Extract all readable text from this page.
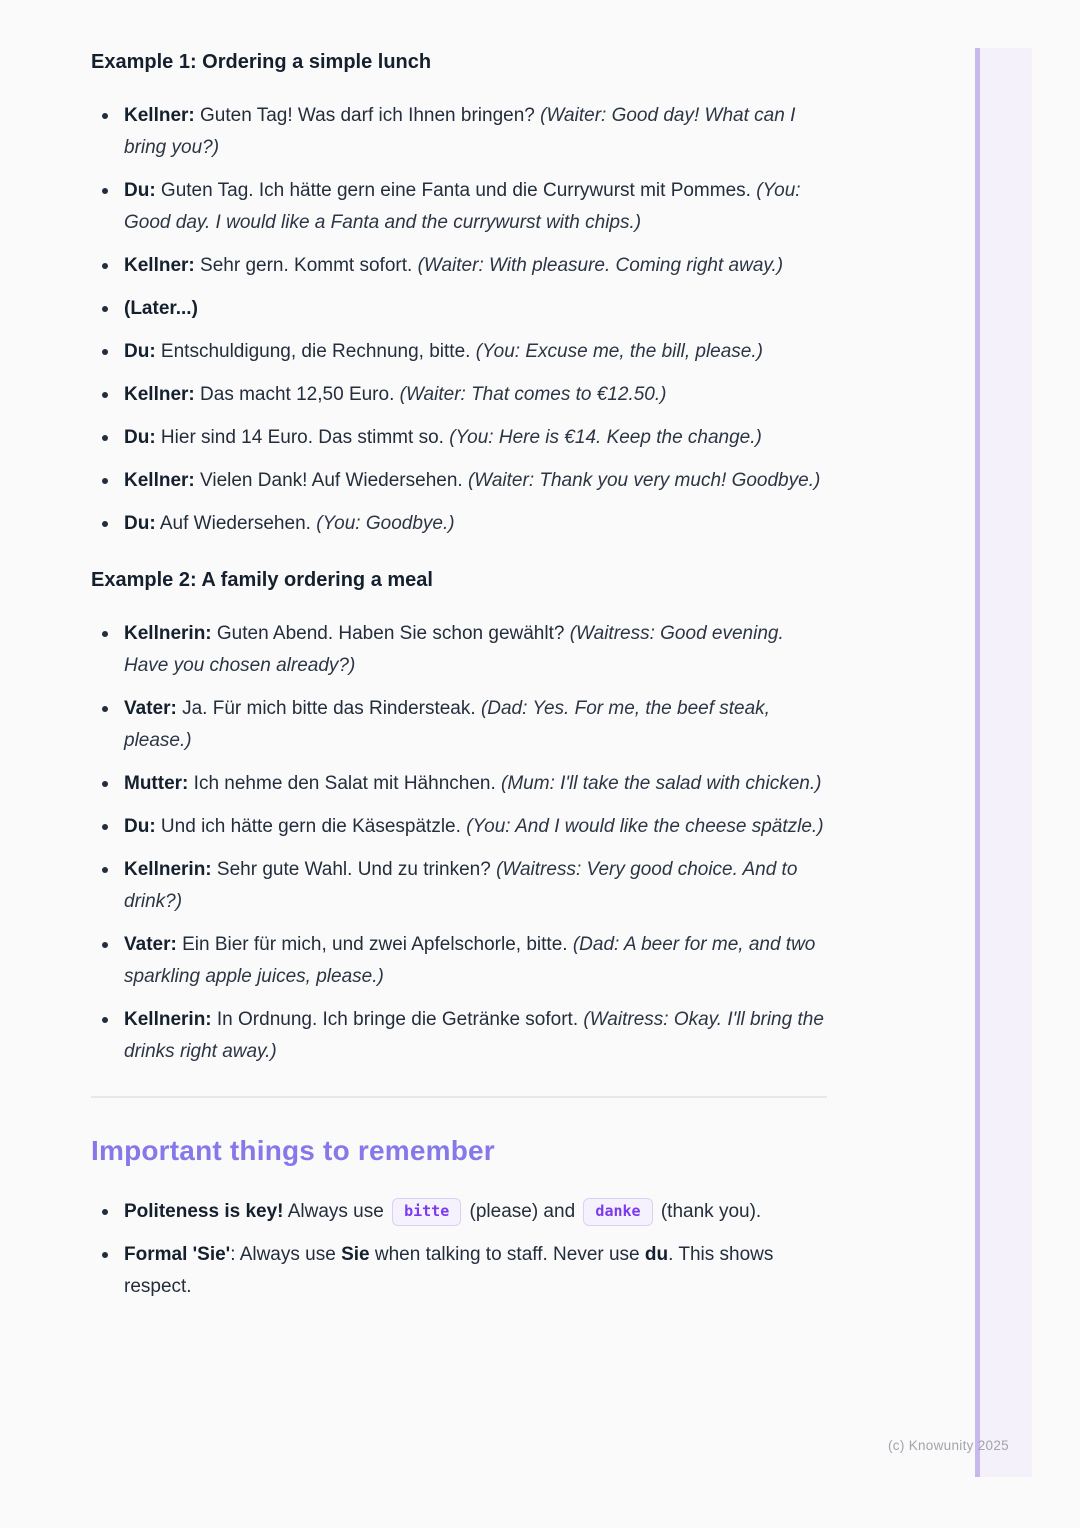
Example 1: Ordering a simple lunch
Kellner: Guten Tag! Was darf ich Ihnen bringen? (Waiter: Good day! What can I bring you?)
Du: Guten Tag. Ich hätte gern eine Fanta und die Currywurst mit Pommes. (You: Good day. I would like a Fanta and the currywurst with chips.)
Kellner: Sehr gern. Kommt sofort. (Waiter: With pleasure. Coming right away.)
(Later...)
Du: Entschuldigung, die Rechnung, bitte. (You: Excuse me, the bill, please.)
Kellner: Das macht 12,50 Euro. (Waiter: That comes to €12.50.)
Du: Hier sind 14 Euro. Das stimmt so. (You: Here is €14. Keep the change.)
Kellner: Vielen Dank! Auf Wiedersehen. (Waiter: Thank you very much! Goodbye.)
Du: Auf Wiedersehen. (You: Goodbye.)
Example 2: A family ordering a meal
Kellnerin: Guten Abend. Haben Sie schon gewählt? (Waitress: Good evening. Have you chosen already?)
Vater: Ja. Für mich bitte das Rindersteak. (Dad: Yes. For me, the beef steak, please.)
Mutter: Ich nehme den Salat mit Hähnchen. (Mum: I'll take the salad with chicken.)
Du: Und ich hätte gern die Käsespätzle. (You: And I would like the cheese spätzle.)
Kellnerin: Sehr gute Wahl. Und zu trinken? (Waitress: Very good choice. And to drink?)
Vater: Ein Bier für mich, und zwei Apfelschorle, bitte. (Dad: A beer for me, and two sparkling apple juices, please.)
Kellnerin: In Ordnung. Ich bringe die Getränke sofort. (Waitress: Okay. I'll bring the drinks right away.)
Important things to remember
Politeness is key! Always use bitte (please) and danke (thank you).
Formal 'Sie': Always use Sie when talking to staff. Never use du. This shows respect.
(c) Knowunity 2025
